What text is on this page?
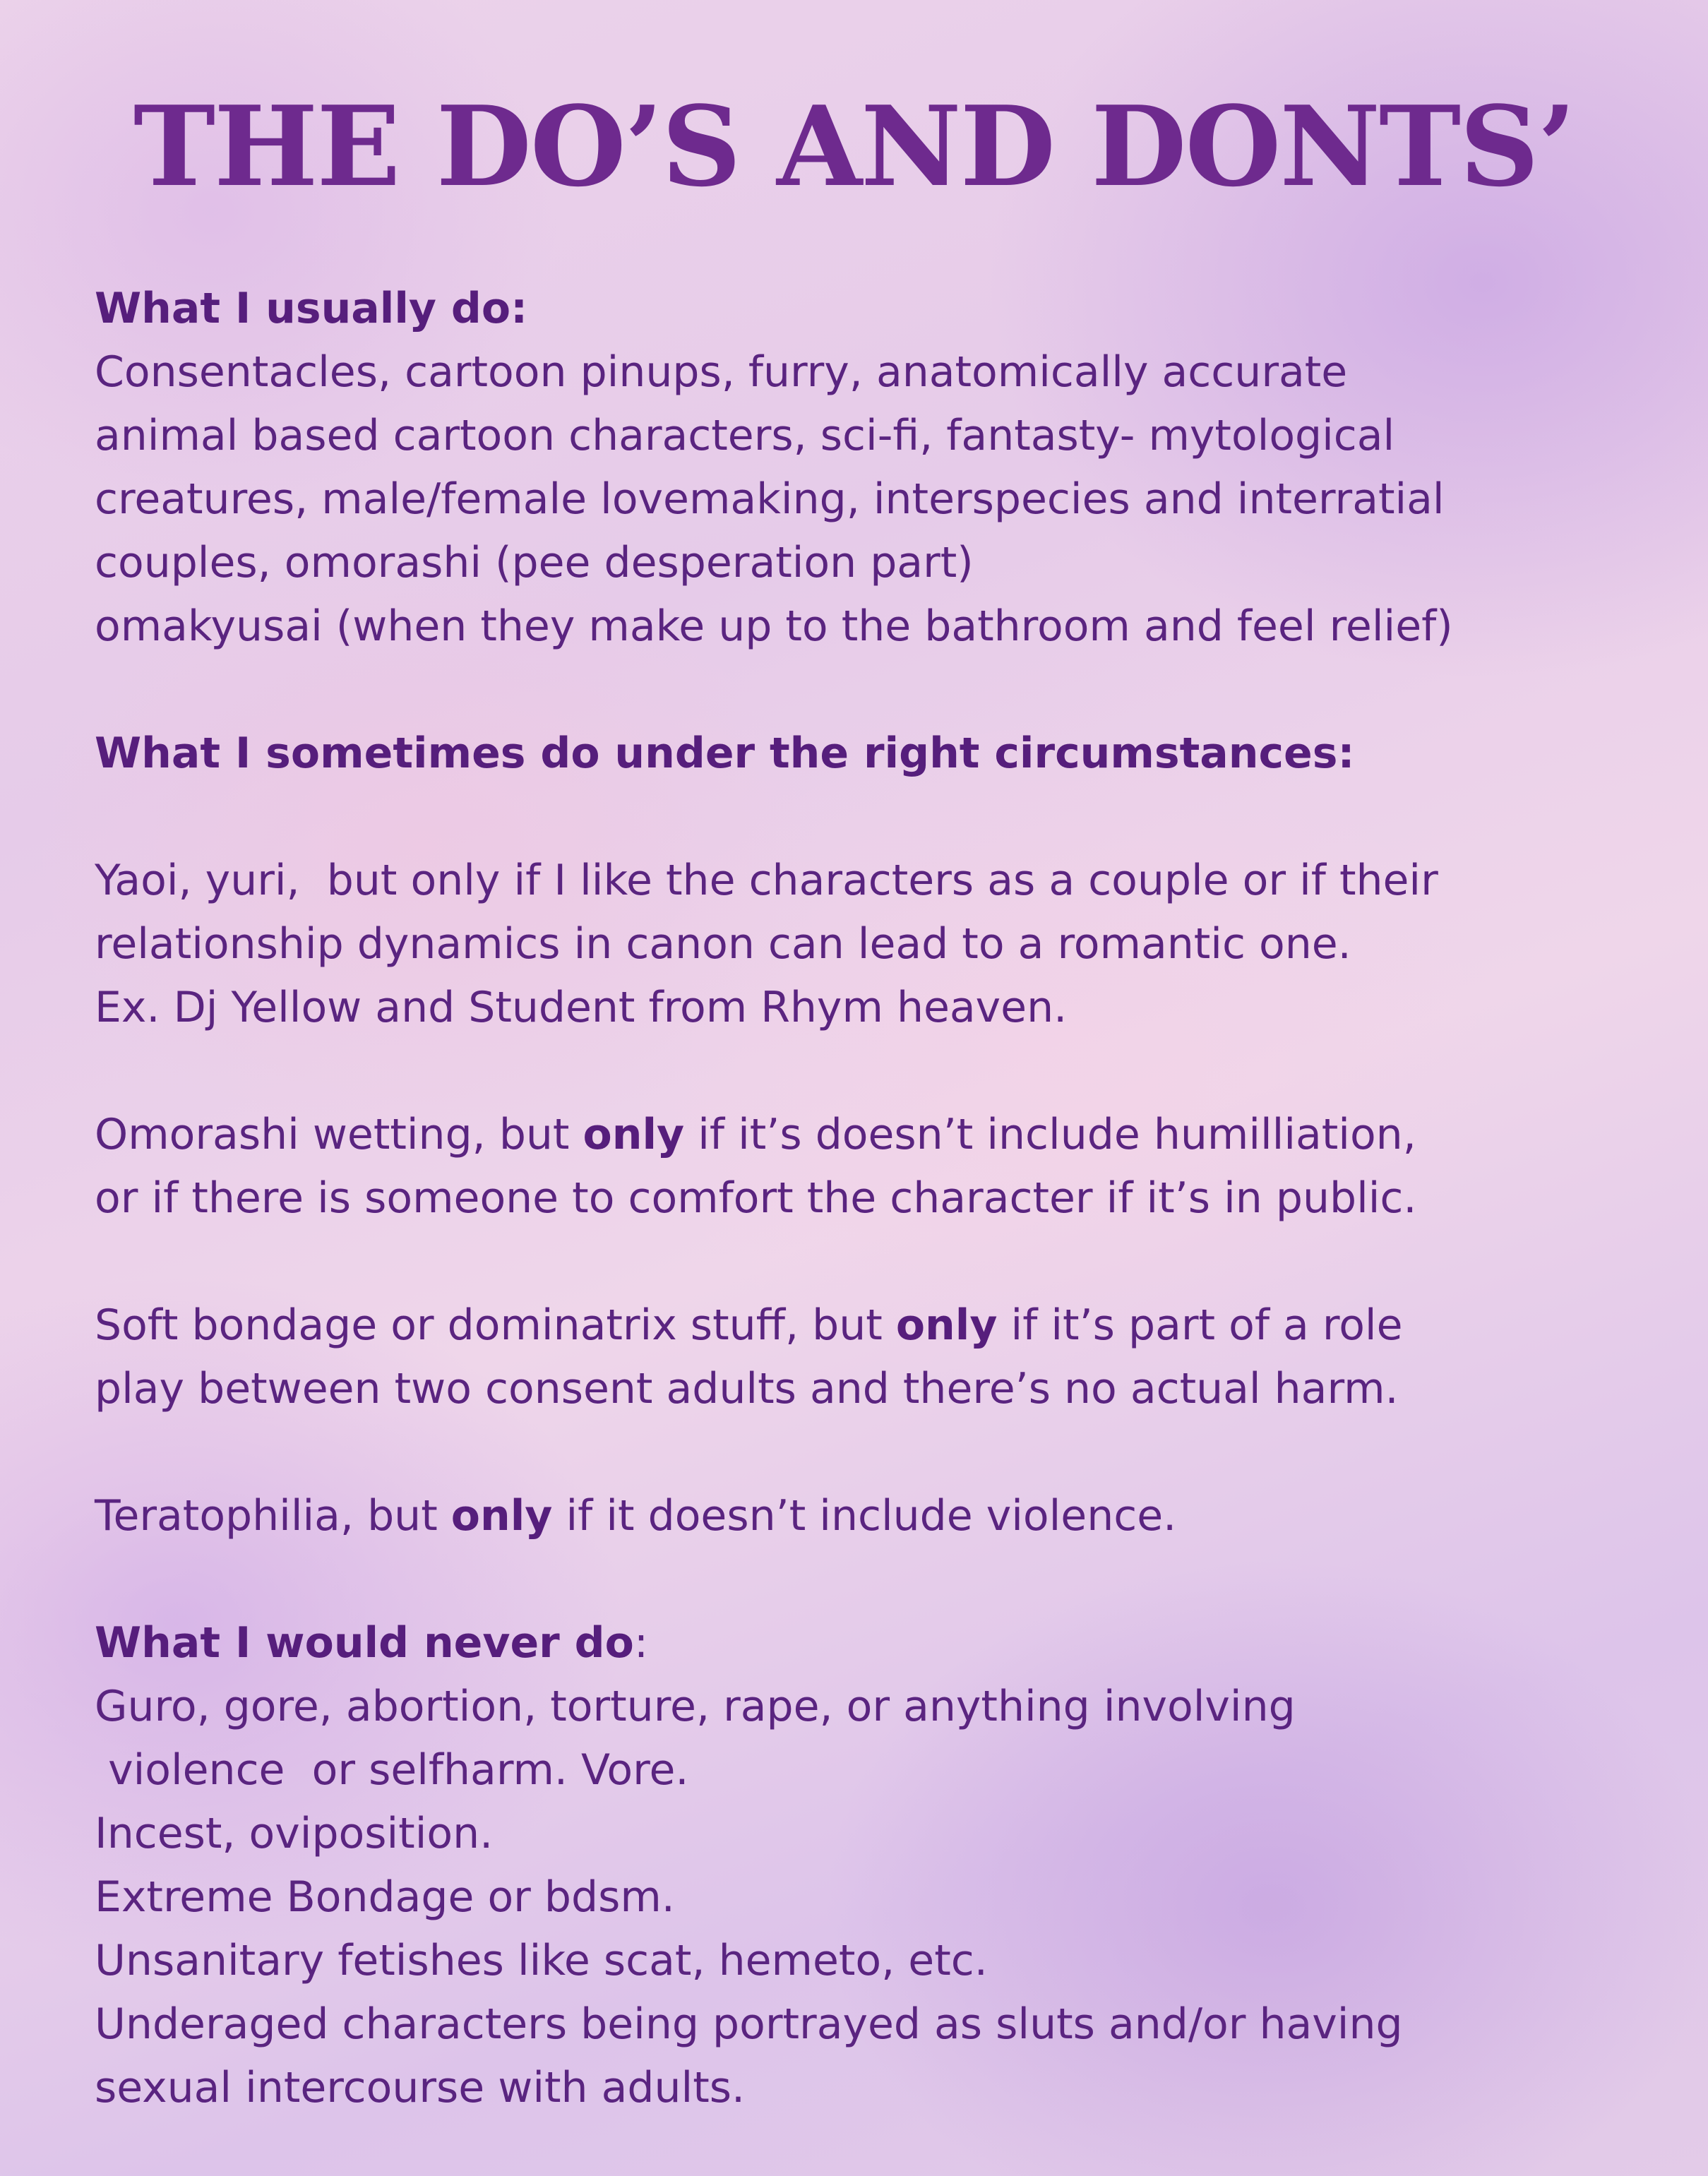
THE DO’S AND DONTS’
What I usually do:
Consentacles, cartoon pinups, furry, anatomically accurate
animal based cartoon characters, sci-fi, fantasty- mytological
creatures, male/female lovemaking, interspecies and interratial
couples, omorashi (pee desperation part)
omakyusai (when they make up to the bathroom and feel relief)
What I sometimes do under the right circumstances:
Yaoi, yuri,  but only if I like the characters as a couple or if their
relationship dynamics in canon can lead to a romantic one.
Ex. Dj Yellow and Student from Rhym heaven.
Omorashi wetting, but only if it’s doesn’t include humilliation,
or if there is someone to comfort the character if it’s in public.
Soft bondage or dominatrix stuff, but only if it’s part of a role
play between two consent adults and there’s no actual harm.
Teratophilia, but only if it doesn’t include violence.
What I would never do:
Guro, gore, abortion, torture, rape, or anything involving
violence  or selfharm. Vore.
Incest, oviposition.
Extreme Bondage or bdsm.
Unsanitary fetishes like scat, hemeto, etc.
Underaged characters being portrayed as sluts and/or having
sexual intercourse with adults.
